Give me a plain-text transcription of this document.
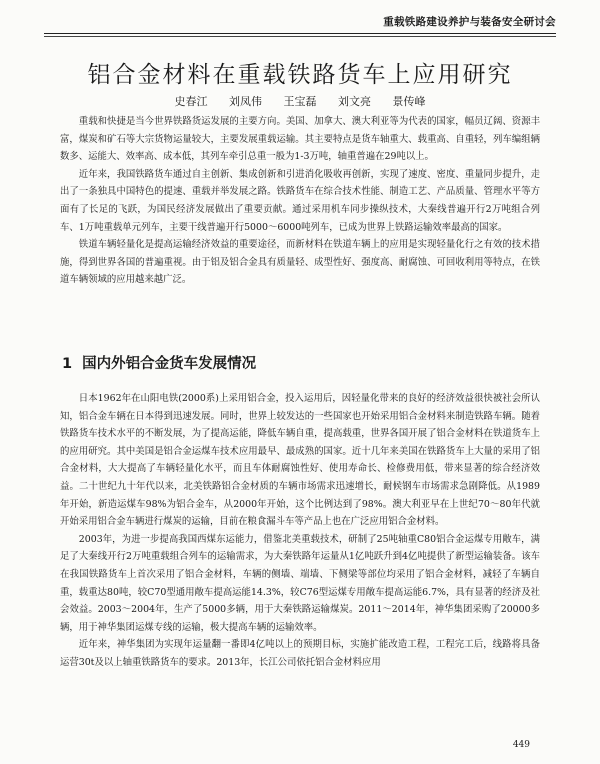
重载铁路建设养护与装备安全研讨会
铝合金材料在重载铁路货车上应用研究
史春江 刘凤伟 王宝磊 刘文亮 景传峰

重载和快捷是当今世界铁路货运发展的主要方向。美国、加拿大、澳大利亚等为代表的国家，幅员辽阔、资源丰富，煤炭和矿石等大宗货物运量较大，主要发展重载运输。其主要特点是货车轴重大、载重高、自重轻，列车编组辆数多、运能大、效率高、成本低，其列车牵引总重一般为1-3万吨，轴重普遍在29吨以上。

近年来，我国铁路货车通过自主创新、集成创新和引进消化吸收再创新，实现了速度、密度、重量同步提升，走出了一条独具中国特色的提速、重载并举发展之路。铁路货车在综合技术性能、制造工艺、产品质量、管理水平等方面有了长足的飞跃，为国民经济发展做出了重要贡献。通过采用机车同步操纵技术，大秦线普遍开行2万吨组合列车、1万吨重载单元列车，主要干线普遍开行5000～6000吨列车，已成为世界上铁路运输效率最高的国家。

铁道车辆轻量化是提高运输经济效益的重要途径，而新材料在铁道车辆上的应用是实现轻量化行之有效的技术措施，得到世界各国的普遍重视。由于铝及铝合金具有质量轻、成型性好、强度高、耐腐蚀、可回收利用等特点，在铁道车辆领域的应用越来越广泛。

1 国内外铝合金货车发展情况

日本1962年在山阳电铁(2000系)上采用铝合金，投入运用后，因轻量化带来的良好的经济效益很快被社会所认知，铝合金车辆在日本得到迅速发展。同时，世界上较发达的一些国家也开始采用铝合金材料来制造铁路车辆。随着铁路货车技术水平的不断发展，为了提高运能，降低车辆自重，提高载重，世界各国开展了铝合金材料在铁道货车上的应用研究。其中美国是铝合金运煤车技术应用最早、最成熟的国家。近十几年来美国在铁路货车上大量的采用了铝合金材料，大大提高了车辆轻量化水平，而且车体耐腐蚀性好、使用寿命长、检修费用低，带来显著的综合经济效益。二十世纪九十年代以来，北美铁路铝合金材质的车辆市场需求迅速增长，耐候钢车市场需求急剧降低。从1989年开始，新造运煤车98%为铝合金车，从2000年开始，这个比例达到了98%。澳大利亚早在上世纪70～80年代就开始采用铝合金车辆进行煤炭的运输，目前在粮食漏斗车等产品上也在广泛应用铝合金材料。

2003年，为进一步提高我国西煤东运能力，借鉴北美重载技术，研制了25吨轴重C80铝合金运煤专用敞车，满足了大秦线开行2万吨重载组合列车的运输需求，为大秦铁路年运量从1亿吨跃升到4亿吨提供了新型运输装备。该车在我国铁路货车上首次采用了铝合金材料，车辆的侧墙、端墙、下侧梁等部位均采用了铝合金材料，减轻了车辆自重，载重达80吨，较C70型通用敞车提高运能14.3%，较C76型运煤专用敞车提高运能6.7%，具有显著的经济及社会效益。2003～2004年，生产了5000多辆，用于大秦铁路运输煤炭。2011～2014年，神华集团采购了20000多辆，用于神华集团运煤专线的运输，极大提高车辆的运输效率。

近年来，神华集团为实现年运量翻一番即4亿吨以上的预期目标，实施扩能改造工程，工程完工后，线路将具备运营30t及以上轴重铁路货车的要求。2013年，长江公司依托铝合金材料应用

449
